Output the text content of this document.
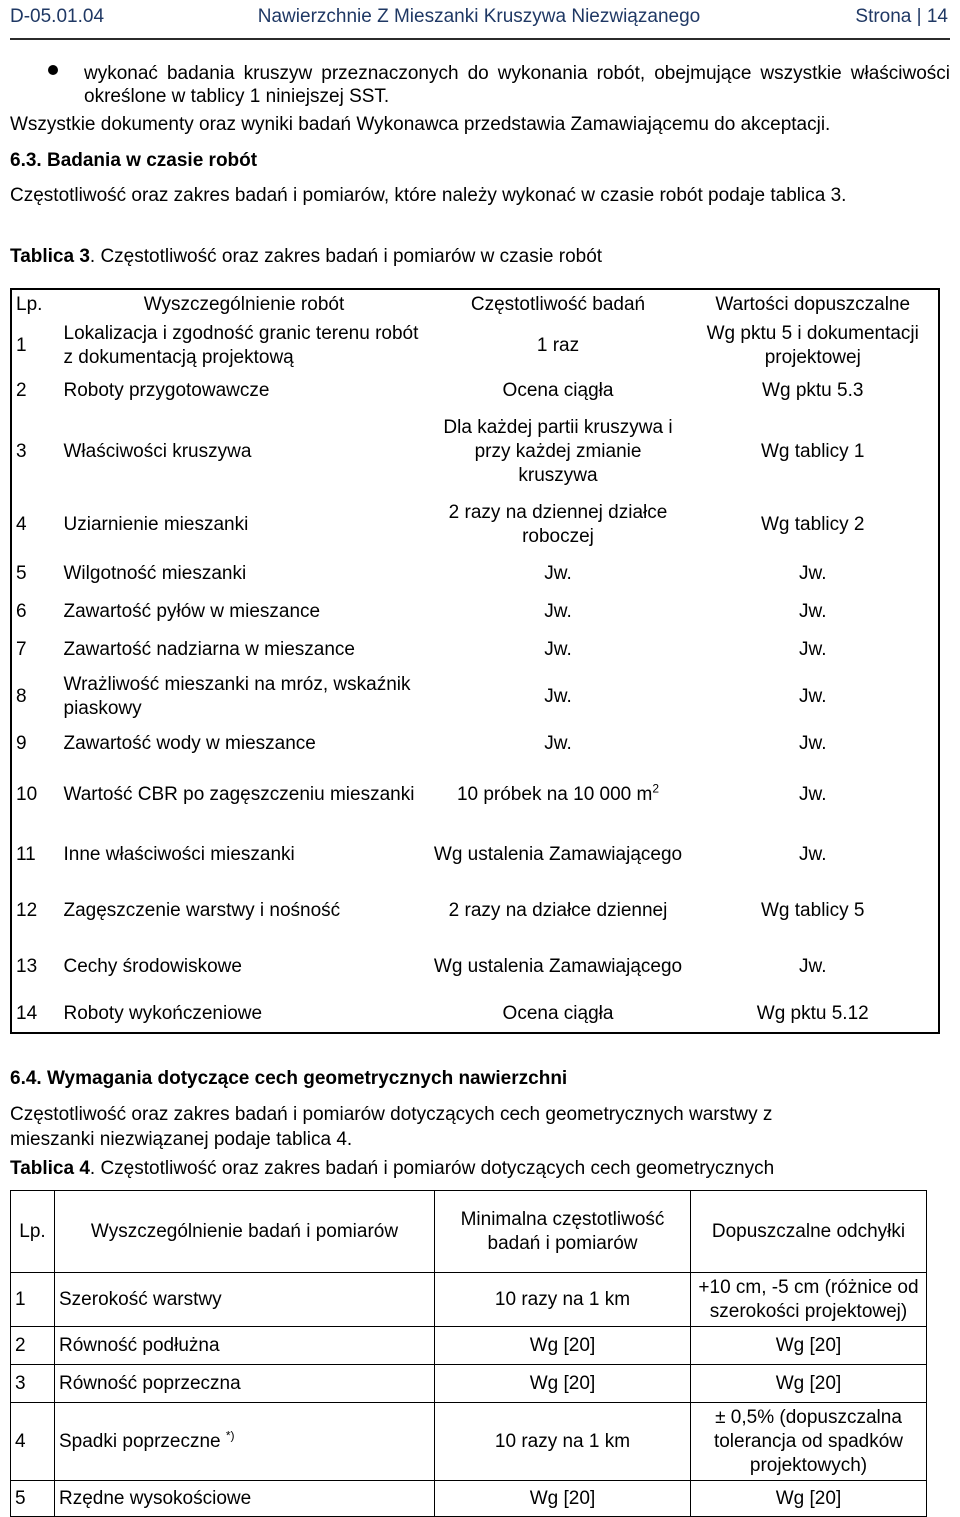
D-05.01.04	Nawierzchnie Z Mieszanki Kruszywa Niezwiązanego	Strona | 14
wykonać badania kruszyw przeznaczonych do wykonania robót, obejmujące wszystkie właściwości określone w tablicy 1 niniejszej SST.
Wszystkie dokumenty oraz wyniki badań Wykonawca przedstawia Zamawiającemu do akceptacji.
6.3. Badania w czasie robót
Częstotliwość oraz zakres badań i pomiarów, które należy wykonać w czasie robót podaje tablica 3.
Tablica 3. Częstotliwość oraz zakres badań i pomiarów w czasie robót
Lp.	Wyszczególnienie robót	Częstotliwość badań	Wartości dopuszczalne
1	Lokalizacja i zgodność granic terenu robót z dokumentacją projektową	1 raz	Wg pktu 5 i dokumentacji projektowej
2	Roboty przygotowawcze	Ocena ciągła	Wg pktu 5.3
3	Właściwości kruszywa	Dla każdej partii kruszywa i przy każdej zmianie kruszywa	Wg tablicy 1
4	Uziarnienie mieszanki	2 razy na dziennej działce roboczej	Wg tablicy 2
5	Wilgotność mieszanki	Jw.	Jw.
6	Zawartość pyłów w mieszance	Jw.	Jw.
7	Zawartość nadziarna w mieszance	Jw.	Jw.
8	Wrażliwość mieszanki na mróz, wskaźnik piaskowy	Jw.	Jw.
9	Zawartość wody w mieszance	Jw.	Jw.
10	Wartość CBR po zagęszczeniu mieszanki	10 próbek na 10 000 $m^2$	Jw.
11	Inne właściwości mieszanki	Wg ustalenia Zamawiającego	Jw.
12	Zagęszczenie warstwy i nośność	2 razy na działce dziennej	Wg tablicy 5
13	Cechy środowiskowe	Wg ustalenia Zamawiającego	Jw.
14	Roboty wykończeniowe	Ocena ciągła	Wg pktu 5.12
6.4. Wymagania dotyczące cech geometrycznych nawierzchni
Częstotliwość oraz zakres badań i pomiarów dotyczących cech geometrycznych warstwy z mieszanki niezwiązanej podaje tablica 4.
Tablica 4. Częstotliwość oraz zakres badań i pomiarów dotyczących cech geometrycznych
Lp.	Wyszczególnienie badań i pomiarów	Minimalna częstotliwość badań i pomiarów	Dopuszczalne odchyłki
1	Szerokość warstwy	10 razy na 1 km	+10 cm, -5 cm (różnice od szerokości projektowej)
2	Równość podłużna	Wg [20]	Wg [20]
3	Równość poprzeczna	Wg [20]	Wg [20]
4	Spadki poprzeczne *)	10 razy na 1 km	± 0,5% (dopuszczalna tolerancja od spadków projektowych)
5	Rzędne wysokościowe	Wg [20]	Wg [20]
